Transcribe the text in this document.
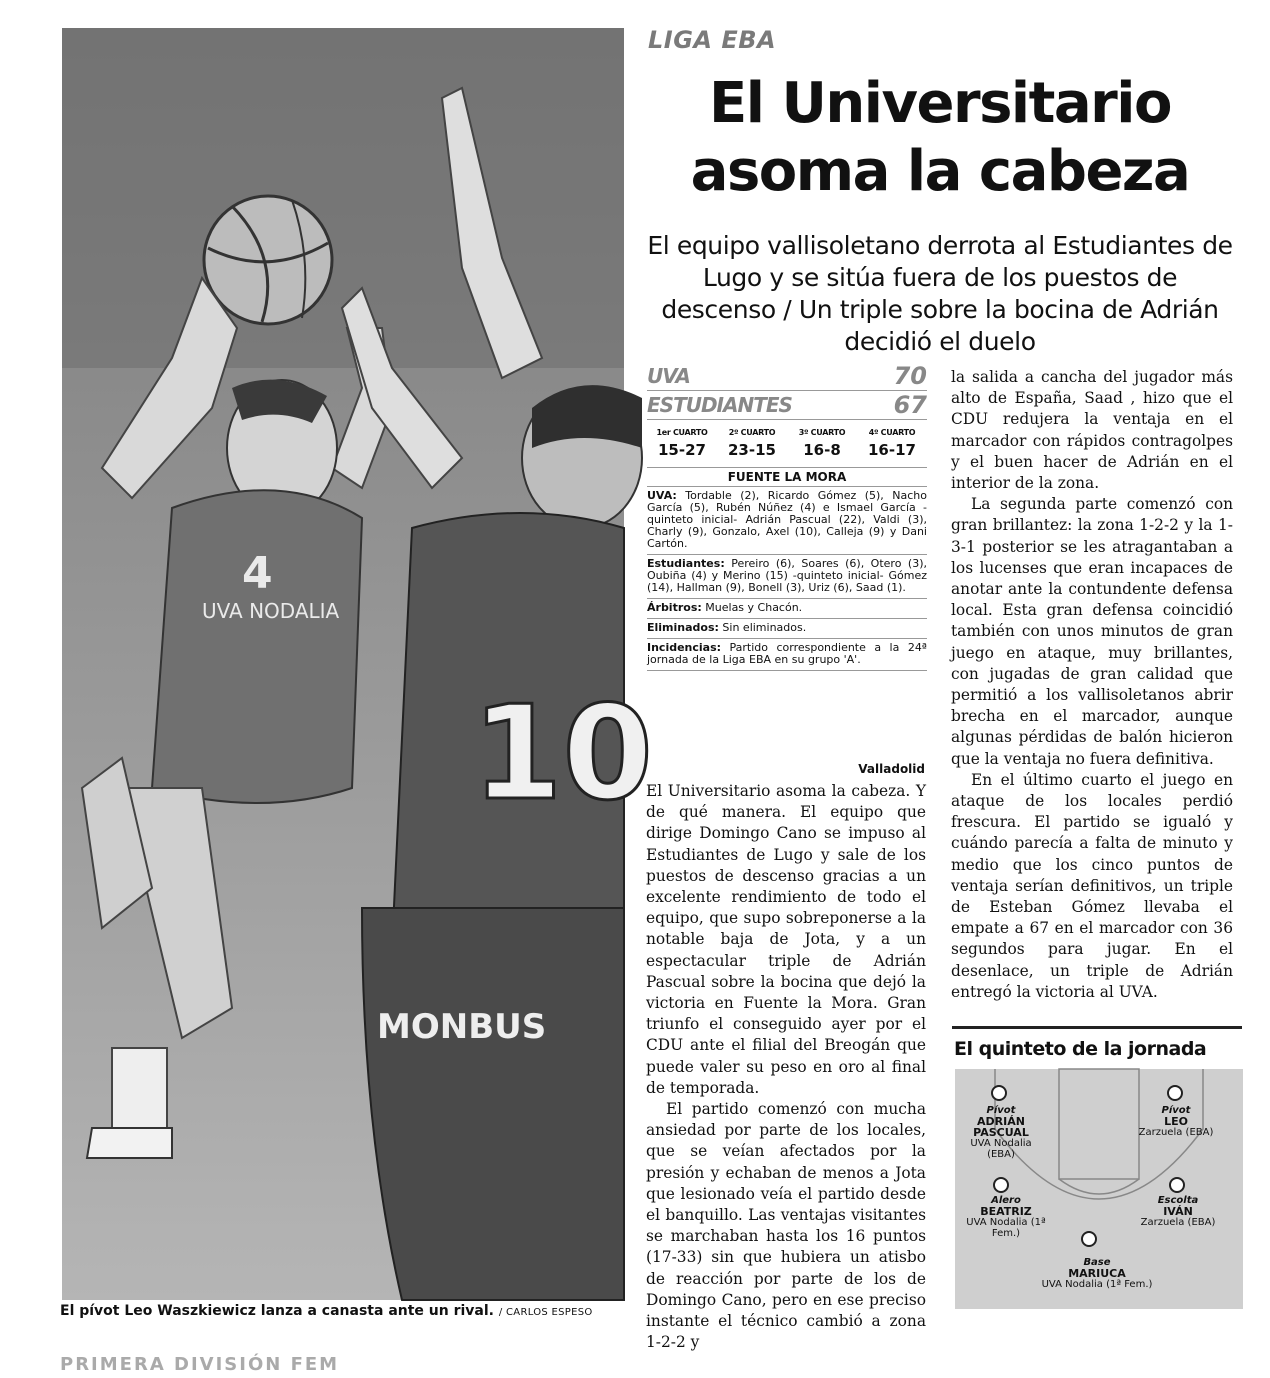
4
UVA NODALIA
10
MONBUS
El pívot Leo Waszkiewicz lanza a canasta ante un rival. / CARLOS ESPESO
LIGA EBA
El Universitario asoma la cabeza
El equipo vallisoletano derrota al Estudiantes de Lugo y se sitúa fuera de los puestos de descenso / Un triple sobre la bocina de Adrián decidió el duelo
UVA	70
ESTUDIANTES	67
1er CUARTO
15-27
2º CUARTO
23-15
3º CUARTO
16-8
4º CUARTO
16-17
FUENTE LA MORA
UVA: Tordable (2), Ricardo Gómez (5), Nacho García (5), Rubén Núñez (4) e Ismael García -quinteto inicial- Adrián Pascual (22), Valdi (3), Charly (9), Gonzalo, Axel (10), Calleja (9) y Dani Cartón.
Estudiantes: Pereiro (6), Soares (6), Otero (3), Oubiña (4) y Merino (15) -quinteto inicial- Gómez (14), Hallman (9), Bonell (3), Uriz (6), Saad (1).
Árbitros: Muelas y Chacón.
Eliminados: Sin eliminados.
Incidencias: Partido correspondiente a la 24ª jornada de la Liga EBA en su grupo 'A'.
Valladolid

El Universitario asoma la cabeza. Y de qué manera. El equipo que dirige Domingo Cano se impuso al Estudiantes de Lugo y sale de los puestos de descenso gracias a un excelente rendimiento de todo el equipo, que supo sobreponerse a la notable baja de Jota, y a un espectacular triple de Adrián Pascual sobre la bocina que dejó la victoria en Fuente la Mora. Gran triunfo el conseguido ayer por el CDU ante el filial del Breogán que puede valer su peso en oro al final de temporada.

El partido comenzó con mucha ansiedad por parte de los locales, que se veían afectados por la presión y echaban de menos a Jota que lesionado veía el partido desde el banquillo. Las ventajas visitantes se marchaban hasta los 16 puntos (17-33) sin que hubiera un atisbo de reacción por parte de los de Domingo Cano, pero en ese preciso instante el técnico cambió a zona 1-2-2 y

la salida a cancha del jugador más alto de España, Saad , hizo que el CDU redujera la ventaja en el marcador con rápidos contragolpes y el buen hacer de Adrián en el interior de la zona.

La segunda parte comenzó con gran brillantez: la zona 1-2-2 y la 1-3-1 posterior se les atragantaban a los lucenses que eran incapaces de anotar ante la contundente defensa local. Esta gran defensa coincidió también con unos minutos de gran juego en ataque, muy brillantes, con jugadas de gran calidad que permitió a los vallisoletanos abrir brecha en el marcador, aunque algunas pérdidas de balón hicieron que la ventaja no fuera definitiva.

En el último cuarto el juego en ataque de los locales perdió frescura. El partido se igualó y cuándo parecía a falta de minuto y medio que los cinco puntos de ventaja serían definitivos, un triple de Esteban Gómez llevaba el empate a 67 en el marcador con 36 segundos para jugar. En el desenlace, un triple de Adrián entregó la victoria al UVA.

El quinteto de la jornada
Pívot
ADRIÁN PASCUAL
UVA Nodalia (EBA)
Pívot
LEO
Zarzuela (EBA)
Alero
BEATRIZ
UVA Nodalia (1ª Fem.)
Escolta
IVÁN
Zarzuela (EBA)
Base
MARIUCA
UVA Nodalia (1ª Fem.)
PRIMERA DIVISIÓN FEM
